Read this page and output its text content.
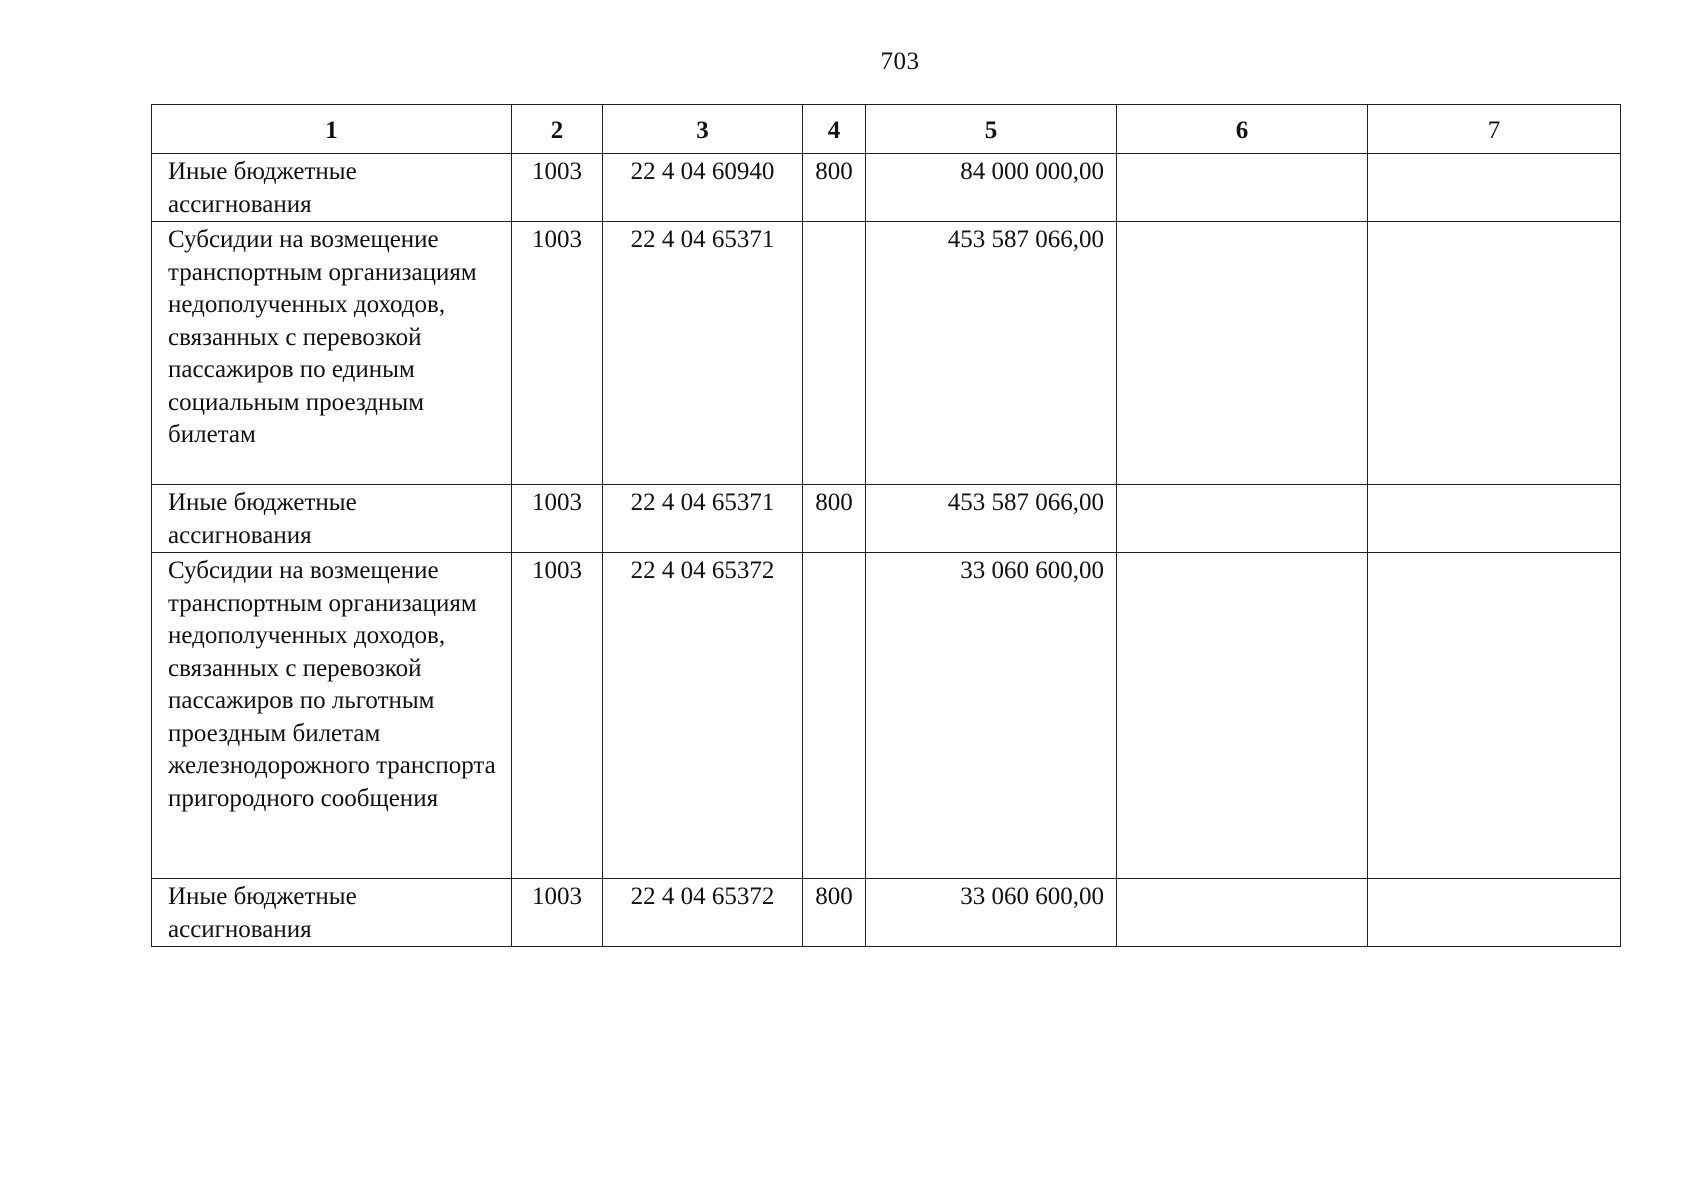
703
1	2	3	4	5	6	7
Иные бюджетные ассигнования	1003	22 4 04 60940	800	84 000 000,00		
Субсидии на возмещение транспортным организациям недополученных доходов, связанных с перевозкой пассажиров по единым социальным проездным билетам	1003	22 4 04 65371		453 587 066,00		
Иные бюджетные ассигнования	1003	22 4 04 65371	800	453 587 066,00		
Субсидии на возмещение транспортным организациям недополученных доходов, связанных с перевозкой пассажиров по льготным проездным билетам железнодорожного транспорта пригородного сообщения	1003	22 4 04 65372		33 060 600,00		
Иные бюджетные ассигнования	1003	22 4 04 65372	800	33 060 600,00		
